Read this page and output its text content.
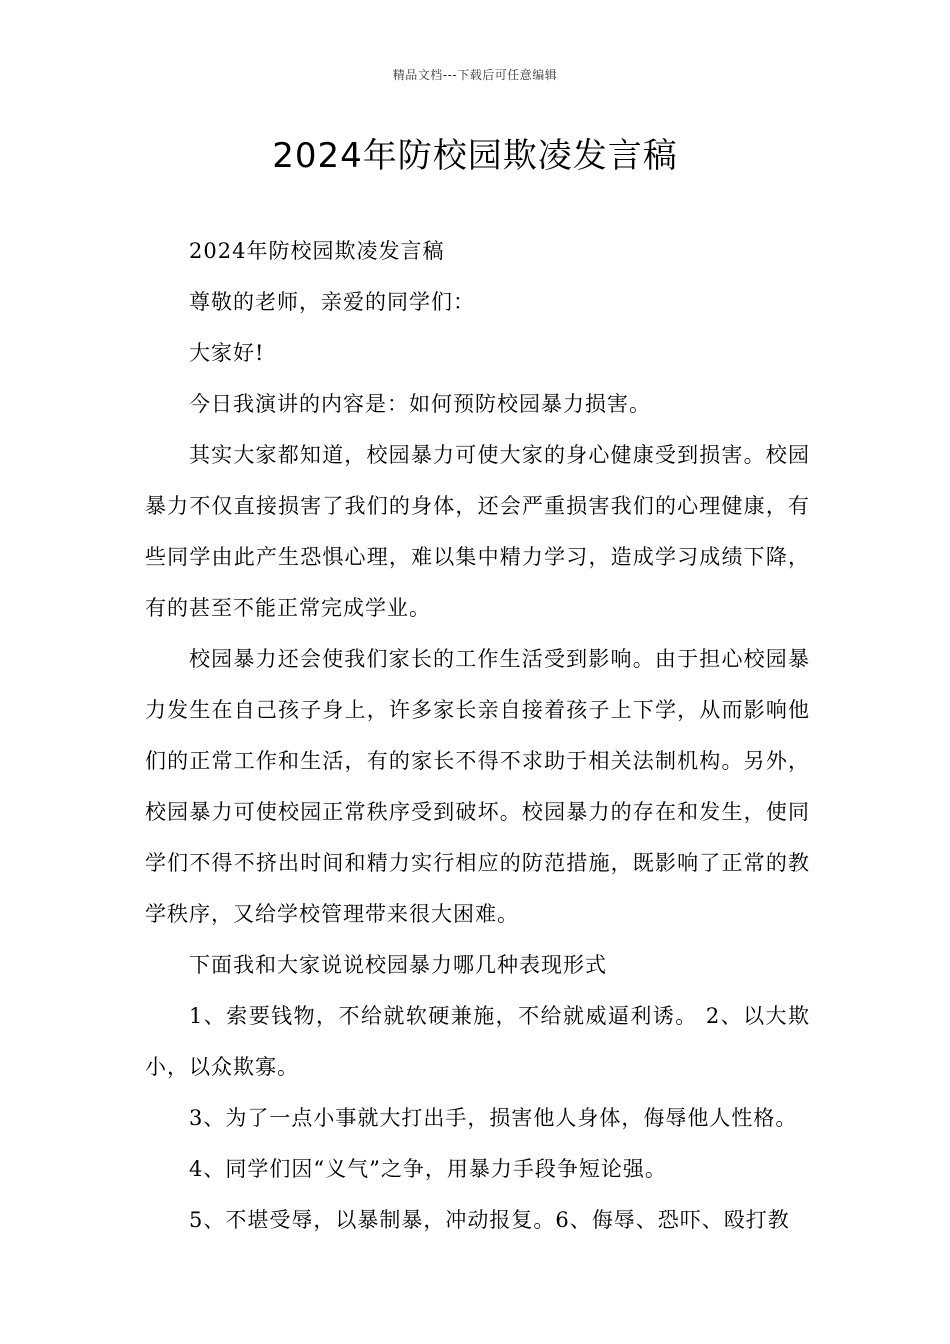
精品文档---下载后可任意编辑
2024年防校园欺凌发言稿

2024年防校园欺凌发言稿

尊敬的老师，亲爱的同学们：

大家好!

今日我演讲的内容是：如何预防校园暴力损害。

其实大家都知道，校园暴力可使大家的身心健康受到损害。校园暴力不仅直接损害了我们的身体，还会严重损害我们的心理健康，有些同学由此产生恐惧心理，难以集中精力学习，造成学习成绩下降，有的甚至不能正常完成学业。

校园暴力还会使我们家长的工作生活受到影响。由于担心校园暴力发生在自己孩子身上，许多家长亲自接着孩子上下学，从而影响他们的正常工作和生活，有的家长不得不求助于相关法制机构。另外，校园暴力可使校园正常秩序受到破坏。校园暴力的存在和发生，使同学们不得不挤出时间和精力实行相应的防范措施，既影响了正常的教学秩序，又给学校管理带来很大困难。

下面我和大家说说校园暴力哪几种表现形式

1、索要钱物，不给就软硬兼施，不给就威逼利诱。 2、以大欺小，以众欺寡。

3、为了一点小事就大打出手，损害他人身体，侮辱他人性格。

4、同学们因“义气”之争，用暴力手段争短论强。

5、不堪受辱，以暴制暴，冲动报复。6、侮辱、恐吓、殴打教
